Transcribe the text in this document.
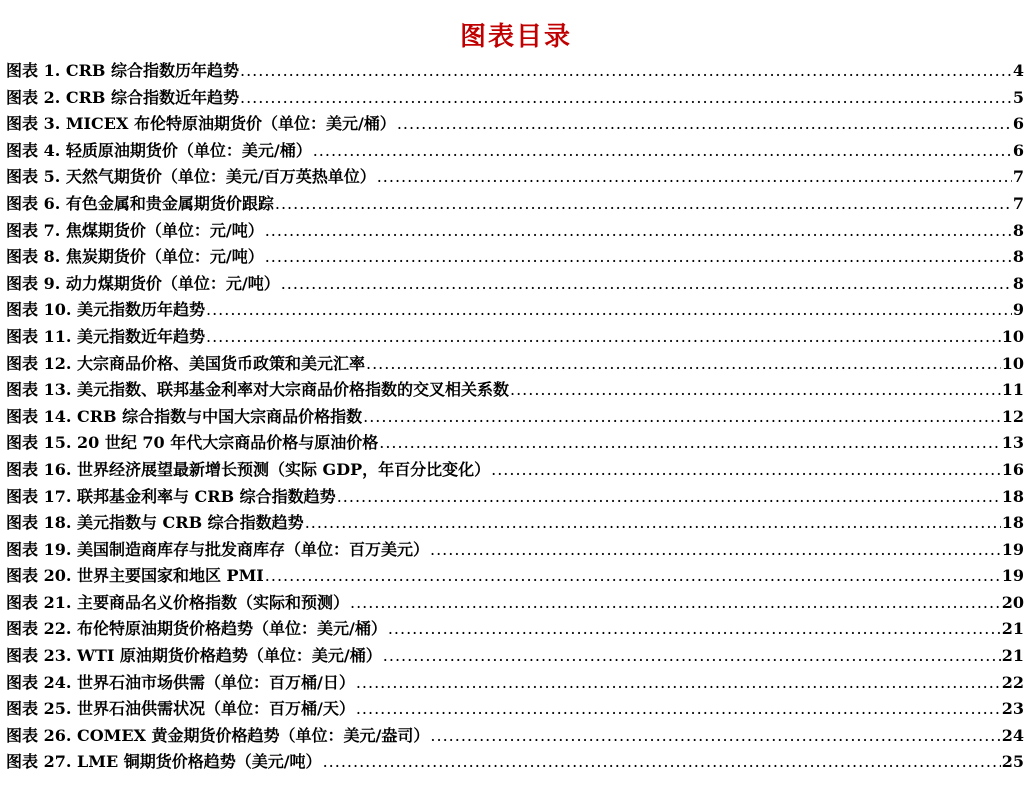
图表目录
图表 1. CRB 综合指数历年趋势 .....	4
图表 2. CRB 综合指数近年趋势 .....	5
图表 3. MICEX 布伦特原油期货价（单位：美元/桶） .....	6
图表 4. 轻质原油期货价（单位：美元/桶） .....	6
图表 5. 天然气期货价（单位：美元/百万英热单位） .....	7
图表 6. 有色金属和贵金属期货价跟踪 .....	7
图表 7. 焦煤期货价（单位：元/吨） .....	8
图表 8. 焦炭期货价（单位：元/吨） .....	8
图表 9. 动力煤期货价（单位：元/吨） .....	8
图表 10. 美元指数历年趋势 .....	9
图表 11. 美元指数近年趋势 .....	10
图表 12. 大宗商品价格、美国货币政策和美元汇率 .....	10
图表 13. 美元指数、联邦基金利率对大宗商品价格指数的交叉相关系数 .....	11
图表 14. CRB 综合指数与中国大宗商品价格指数 .....	12
图表 15. 20 世纪 70 年代大宗商品价格与原油价格 .....	13
图表 16. 世界经济展望最新增长预测（实际 GDP，年百分比变化） .....	16
图表 17. 联邦基金利率与 CRB 综合指数趋势 .....	18
图表 18. 美元指数与 CRB 综合指数趋势 .....	18
图表 19. 美国制造商库存与批发商库存（单位：百万美元） .....	19
图表 20. 世界主要国家和地区 PMI .....	19
图表 21. 主要商品名义价格指数（实际和预测） .....	20
图表 22. 布伦特原油期货价格趋势（单位：美元/桶） .....	21
图表 23. WTI 原油期货价格趋势（单位：美元/桶） .....	21
图表 24. 世界石油市场供需（单位：百万桶/日） .....	22
图表 25. 世界石油供需状况（单位：百万桶/天） .....	23
图表 26. COMEX 黄金期货价格趋势（单位：美元/盎司） .....	24
图表 27. LME 铜期货价格趋势（美元/吨） .....	25
